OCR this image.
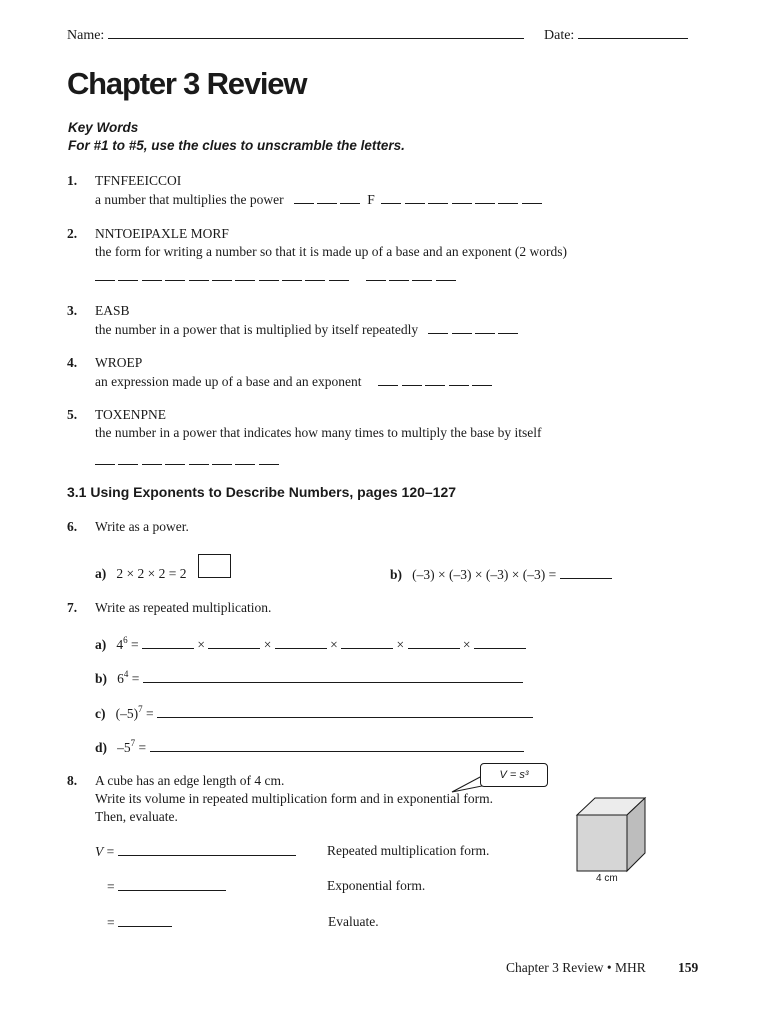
Name:	Date:
Chapter 3 Review
Key Words
For #1 to #5, use the clues to unscramble the letters.
1. TFNFEEICCOI
a number that multiplies the power	F
2. NNTOEIPAXLE MORF
the form for writing a number so that it is made up of a base and an exponent (2 words)

3. EASB
the number in a power that is multiplied by itself repeatedly
4. WROEP
an expression made up of a base and an exponent
5. TOXENPNE
the number in a power that indicates how many times to multiply the base by itself

3.1 Using Exponents to Describe Numbers, pages 120–127
6. Write as a power.
a) 2 × 2 × 2 = 2	b) (–3) × (–3) × (–3) × (–3) =
7. Write as repeated multiplication.
a) $4^6$ =	×	×	×	×	×
b) $6^4$ =
c) $(-5)^7$ =
d) $-5^7$ =
8. A cube has an edge length of 4 cm.
Write its volume in repeated multiplication form and in exponential form.
Then, evaluate.
V = s³
V =	Repeated multiplication form.
=	Exponential form.
=	Evaluate.
4 cm
Chapter 3 Review • MHR 159
